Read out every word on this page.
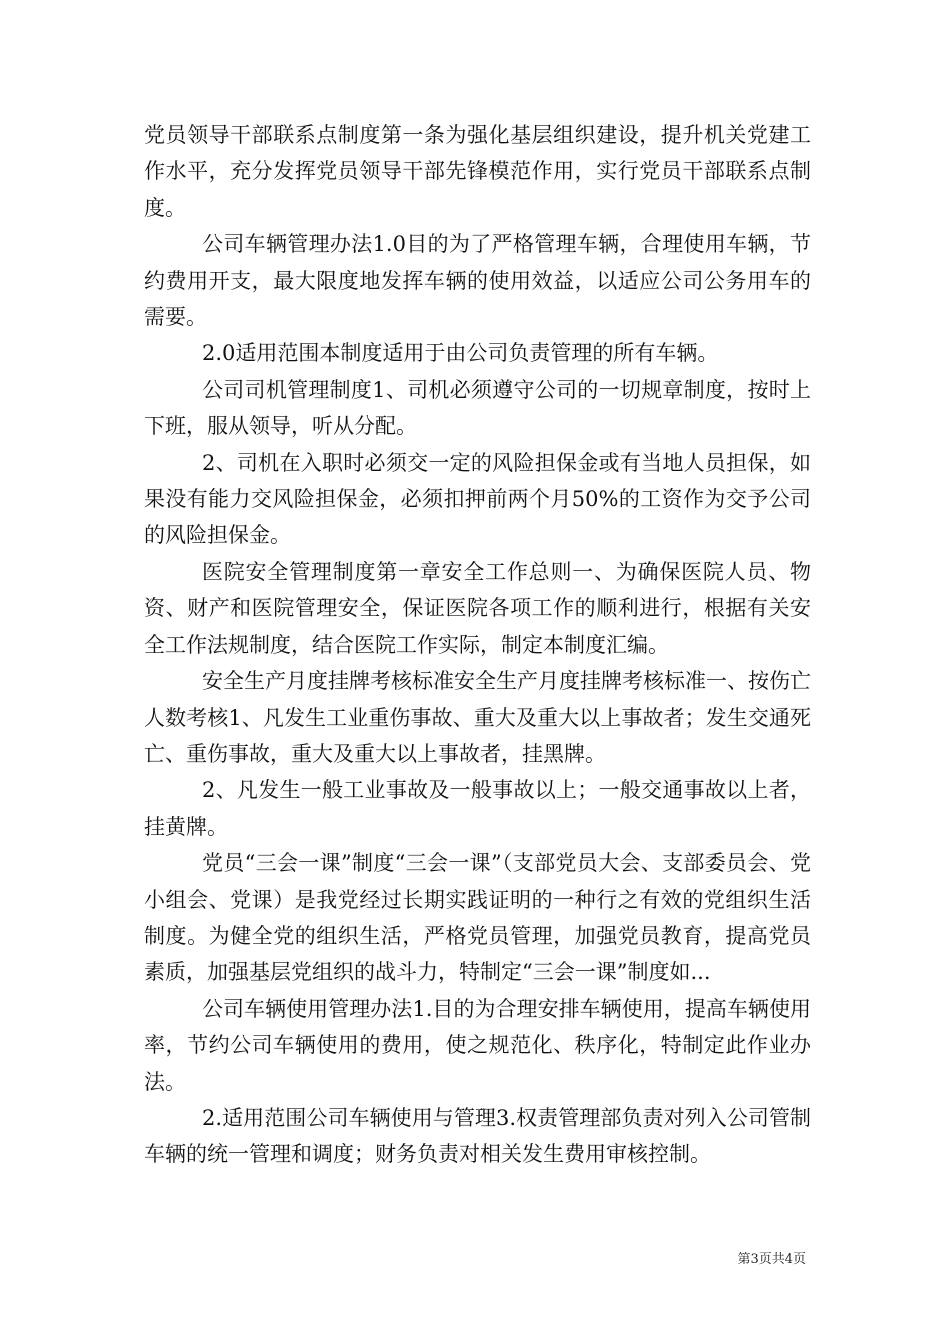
党员领导干部联系点制度第一条为强化基层组织建设，提升机关党建工作水平，充分发挥党员领导干部先锋模范作用，实行党员干部联系点制度。

公司车辆管理办法1.0目的为了严格管理车辆，合理使用车辆，节约费用开支，最大限度地发挥车辆的使用效益，以适应公司公务用车的需要。

2.0适用范围本制度适用于由公司负责管理的所有车辆。

公司司机管理制度1、司机必须遵守公司的一切规章制度，按时上下班，服从领导，听从分配。

2、司机在入职时必须交一定的风险担保金或有当地人员担保，如果没有能力交风险担保金，必须扣押前两个月50%的工资作为交予公司的风险担保金。

医院安全管理制度第一章安全工作总则一、为确保医院人员、物资、财产和医院管理安全，保证医院各项工作的顺利进行，根据有关安全工作法规制度，结合医院工作实际，制定本制度汇编。

安全生产月度挂牌考核标准安全生产月度挂牌考核标准一、按伤亡人数考核1、凡发生工业重伤事故、重大及重大以上事故者；发生交通死亡、重伤事故，重大及重大以上事故者，挂黑牌。

2、凡发生一般工业事故及一般事故以上；一般交通事故以上者，挂黄牌。

党员“三会一课”制度“三会一课”（支部党员大会、支部委员会、党小组会、党课）是我党经过长期实践证明的一种行之有效的党组织生活制度。为健全党的组织生活，严格党员管理，加强党员教育，提高党员素质，加强基层党组织的战斗力，特制定“三会一课”制度如...

公司车辆使用管理办法1.目的为合理安排车辆使用，提高车辆使用率，节约公司车辆使用的费用，使之规范化、秩序化，特制定此作业办法。

2.适用范围公司车辆使用与管理3.权责管理部负责对列入公司管制车辆的统一管理和调度；财务负责对相关发生费用审核控制。

第3页共4页
